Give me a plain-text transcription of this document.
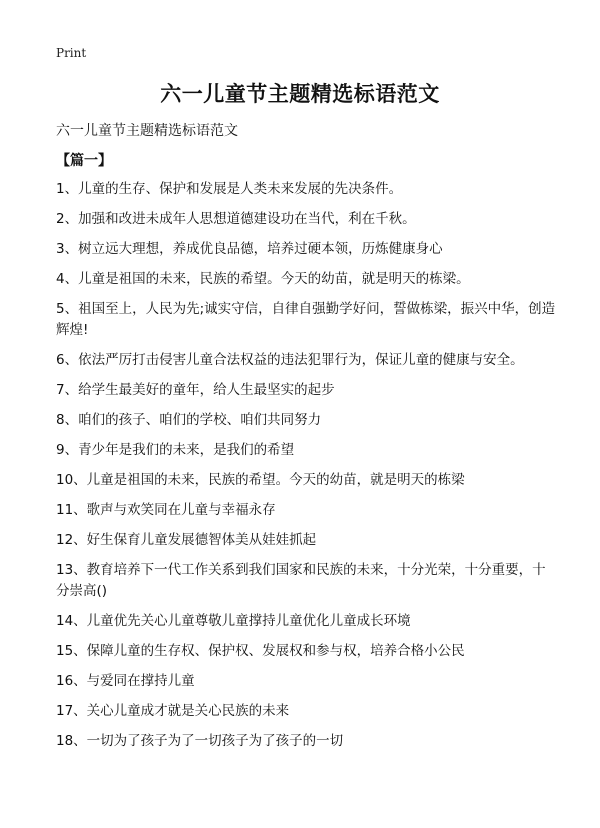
Print
六一儿童节主题精选标语范文
六一儿童节主题精选标语范文
【篇一】
1、儿童的生存、保护和发展是人类未来发展的先决条件。
2、加强和改进未成年人思想道德建设功在当代，利在千秋。
3、树立远大理想，养成优良品德，培养过硬本领，历炼健康身心
4、儿童是祖国的未来，民族的希望。今天的幼苗，就是明天的栋梁。
5、祖国至上，人民为先;诚实守信，自律自强勤学好问，誓做栋梁，振兴中华，创造辉煌!
6、依法严厉打击侵害儿童合法权益的违法犯罪行为，保证儿童的健康与安全。
7、给学生最美好的童年，给人生最坚实的起步
8、咱们的孩子、咱们的学校、咱们共同努力
9、青少年是我们的未来，是我们的希望
10、儿童是祖国的未来，民族的希望。今天的幼苗，就是明天的栋梁
11、歌声与欢笑同在儿童与幸福永存
12、好生保育儿童发展德智体美从娃娃抓起
13、教育培养下一代工作关系到我们国家和民族的未来，十分光荣，十分重要，十分崇高()
14、儿童优先关心儿童尊敬儿童撑持儿童优化儿童成长环境
15、保障儿童的生存权、保护权、发展权和参与权，培养合格小公民
16、与爱同在撑持儿童
17、关心儿童成才就是关心民族的未来
18、一切为了孩子为了一切孩子为了孩子的一切
